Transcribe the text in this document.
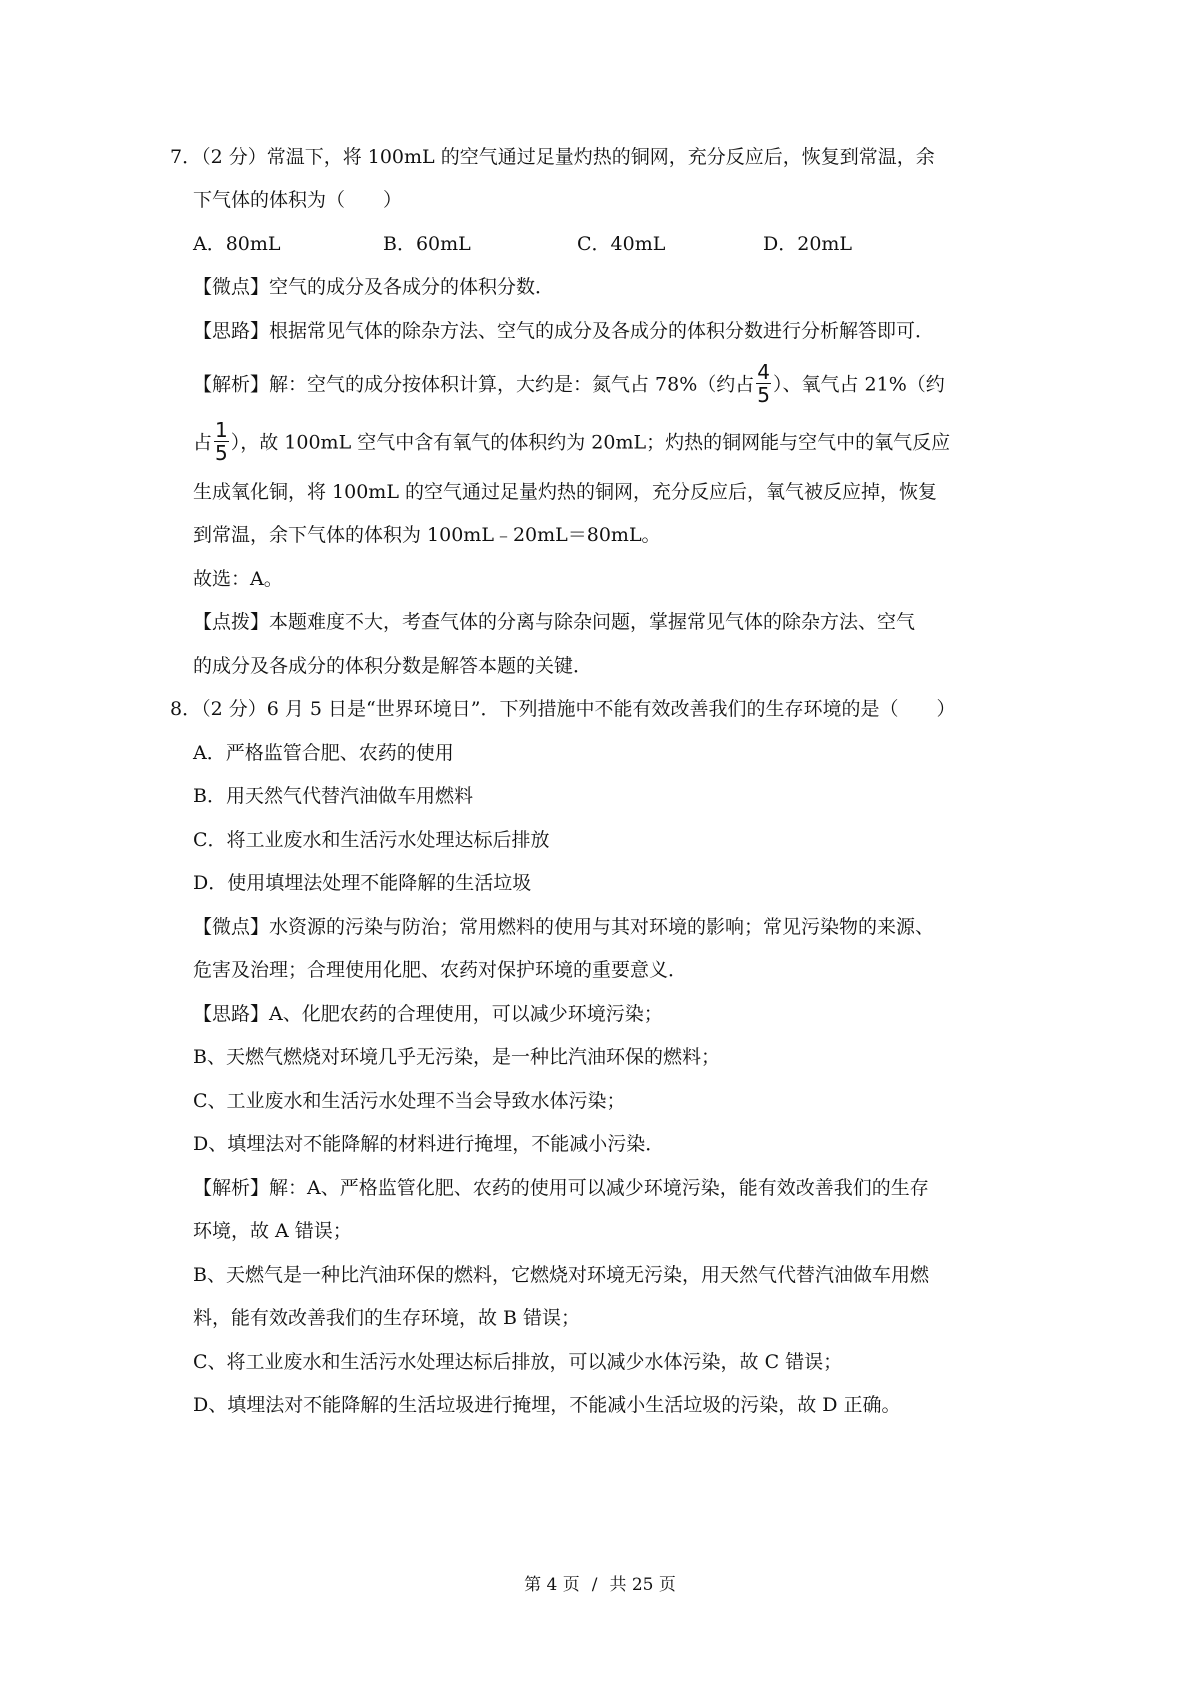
7．（2 分）常温下，将 100mL 的空气通过足量灼热的铜网，充分反应后，恢复到常温，余
下气体的体积为（　　）
A．80mL	B．60mL	C．40mL	D．20mL
【微点】空气的成分及各成分的体积分数．
【思路】根据常见气体的除杂方法、空气的成分及各成分的体积分数进行分析解答即可．
【解析】解：空气的成分按体积计算，大约是：氮气占 78%（约占 $\frac{4}{5}$ ）、氧气占 21%（约
占 $\frac{1}{5}$ ），故 100mL 空气中含有氧气的体积约为 20mL；灼热的铜网能与空气中的氧气反应
生成氧化铜，将 100mL 的空气通过足量灼热的铜网，充分反应后，氧气被反应掉，恢复
到常温，余下气体的体积为 100mL﹣20mL＝80mL。
故选：A。
【点拨】本题难度不大，考查气体的分离与除杂问题，掌握常见气体的除杂方法、空气
的成分及各成分的体积分数是解答本题的关键．
8．（2 分）6 月 5 日是“世界环境日”．下列措施中不能有效改善我们的生存环境的是（　　）
A．严格监管合肥、农药的使用
B．用天然气代替汽油做车用燃料
C．将工业废水和生活污水处理达标后排放
D．使用填埋法处理不能降解的生活垃圾
【微点】水资源的污染与防治；常用燃料的使用与其对环境的影响；常见污染物的来源、
危害及治理；合理使用化肥、农药对保护环境的重要意义．
【思路】A、化肥农药的合理使用，可以减少环境污染；
B、天燃气燃烧对环境几乎无污染，是一种比汽油环保的燃料；
C、工业废水和生活污水处理不当会导致水体污染；
D、填埋法对不能降解的材料进行掩埋，不能减小污染．
【解析】解：A、严格监管化肥、农药的使用可以减少环境污染，能有效改善我们的生存
环境，故 A 错误；
B、天燃气是一种比汽油环保的燃料，它燃烧对环境无污染，用天然气代替汽油做车用燃
料，能有效改善我们的生存环境，故 B 错误；
C、将工业废水和生活污水处理达标后排放，可以减少水体污染，故 C 错误；
D、填埋法对不能降解的生活垃圾进行掩埋，不能减小生活垃圾的污染，故 D 正确。
第 4 页 / 共 25 页
